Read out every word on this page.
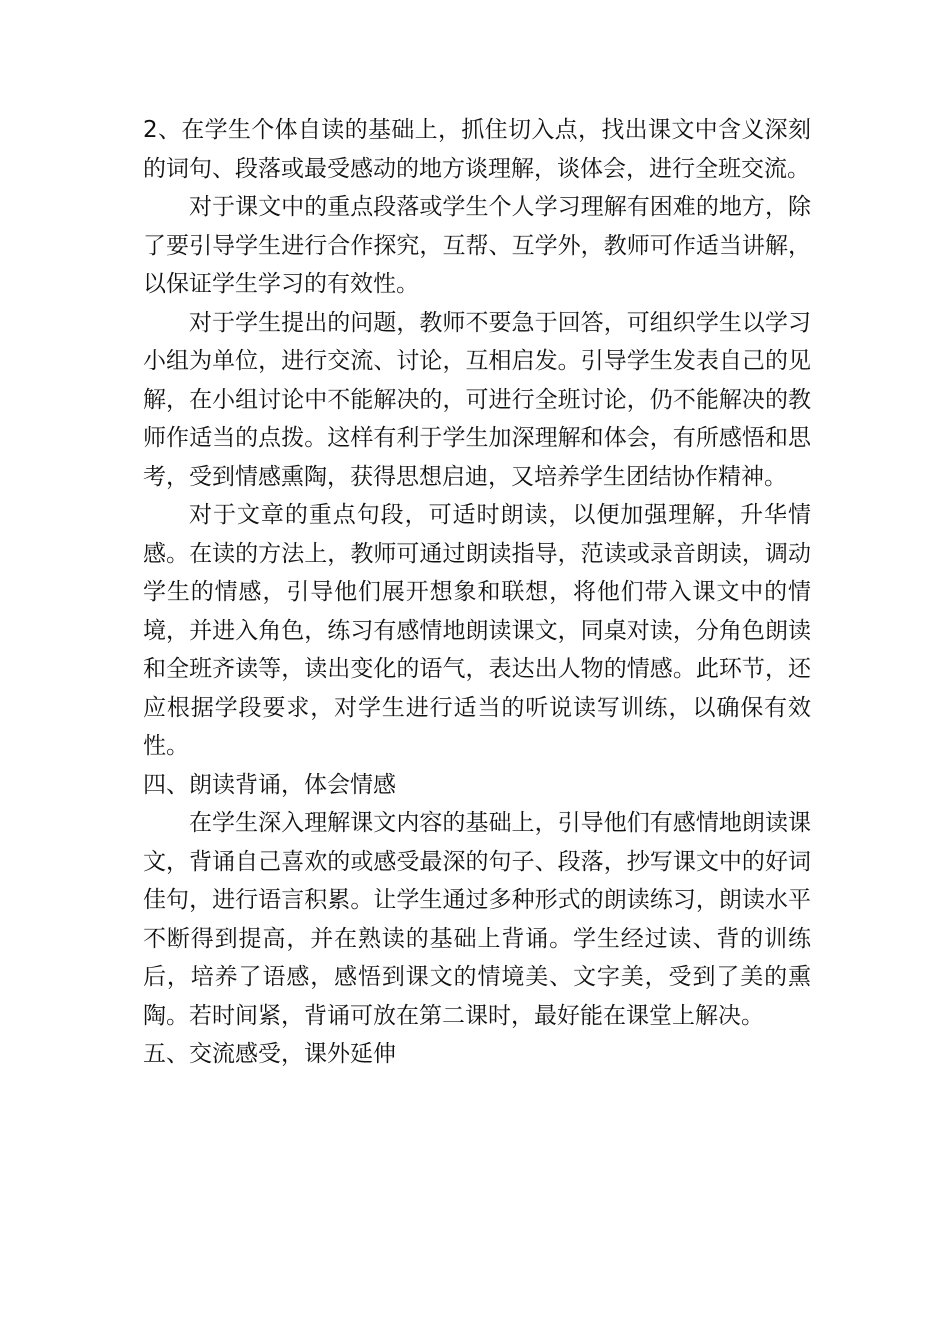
2、在学生个体自读的基础上，抓住切入点，找出课文中含义深刻的词句、段落或最受感动的地方谈理解，谈体会，进行全班交流。

对于课文中的重点段落或学生个人学习理解有困难的地方，除了要引导学生进行合作探究，互帮、互学外，教师可作适当讲解，以保证学生学习的有效性。

对于学生提出的问题，教师不要急于回答，可组织学生以学习小组为单位，进行交流、讨论，互相启发。引导学生发表自己的见解，在小组讨论中不能解决的，可进行全班讨论，仍不能解决的教师作适当的点拨。这样有利于学生加深理解和体会，有所感悟和思考，受到情感熏陶，获得思想启迪，又培养学生团结协作精神。

对于文章的重点句段，可适时朗读，以便加强理解，升华情感。在读的方法上，教师可通过朗读指导，范读或录音朗读，调动学生的情感，引导他们展开想象和联想，将他们带入课文中的情境，并进入角色，练习有感情地朗读课文，同桌对读，分角色朗读和全班齐读等，读出变化的语气，表达出人物的情感。此环节，还应根据学段要求，对学生进行适当的听说读写训练，以确保有效性。

四、朗读背诵，体会情感

在学生深入理解课文内容的基础上，引导他们有感情地朗读课文，背诵自己喜欢的或感受最深的句子、段落，抄写课文中的好词佳句，进行语言积累。让学生通过多种形式的朗读练习，朗读水平不断得到提高，并在熟读的基础上背诵。学生经过读、背的训练后，培养了语感，感悟到课文的情境美、文字美，受到了美的熏陶。若时间紧，背诵可放在第二课时，最好能在课堂上解决。

五、交流感受，课外延伸
